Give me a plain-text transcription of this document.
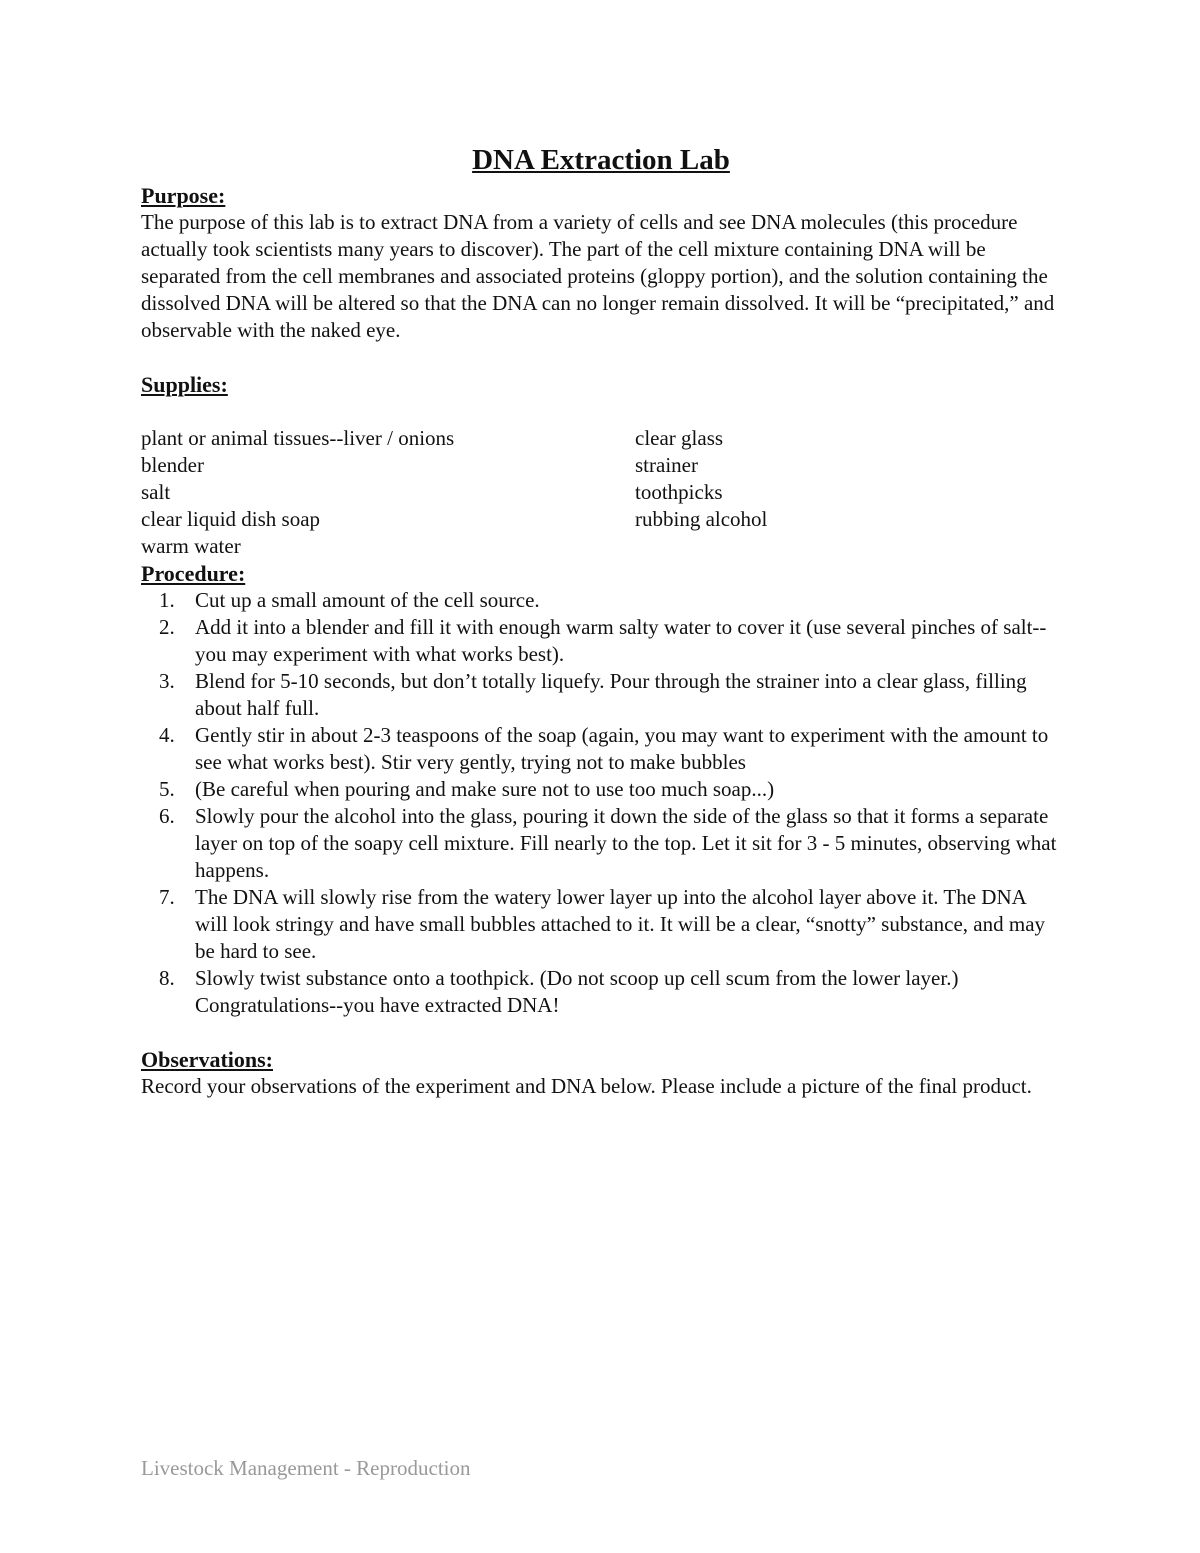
DNA Extraction Lab
Purpose:

The purpose of this lab is to extract DNA from a variety of cells and see DNA molecules (this procedure actually took scientists many years to discover). The part of the cell mixture containing DNA will be separated from the cell membranes and associated proteins (gloppy portion), and the solution containing the dissolved DNA will be altered so that the DNA can no longer remain dissolved. It will be “precipitated,” and observable with the naked eye.

Supplies:
plant or animal tissues--liver / onions
blender
salt
clear liquid dish soap
warm water
clear glass
strainer
toothpicks
rubbing alcohol
Procedure:
1. Cut up a small amount of the cell source.
2. Add it into a blender and fill it with enough warm salty water to cover it (use several pinches of salt--you may experiment with what works best).
3. Blend for 5-10 seconds, but don’t totally liquefy. Pour through the strainer into a clear glass, filling about half full.
4. Gently stir in about 2-3 teaspoons of the soap (again, you may want to experiment with the amount to see what works best). Stir very gently, trying not to make bubbles
5. (Be careful when pouring and make sure not to use too much soap...)
6. Slowly pour the alcohol into the glass, pouring it down the side of the glass so that it forms a separate layer on top of the soapy cell mixture. Fill nearly to the top. Let it sit for 3 - 5 minutes, observing what happens.
7. The DNA will slowly rise from the watery lower layer up into the alcohol layer above it. The DNA will look stringy and have small bubbles attached to it. It will be a clear, “snotty” substance, and may be hard to see.
8. Slowly twist substance onto a toothpick. (Do not scoop up cell scum from the lower layer.) Congratulations--you have extracted DNA!
Observations:

Record your observations of the experiment and DNA below. Please include a picture of the final product.

Livestock Management - Reproduction
